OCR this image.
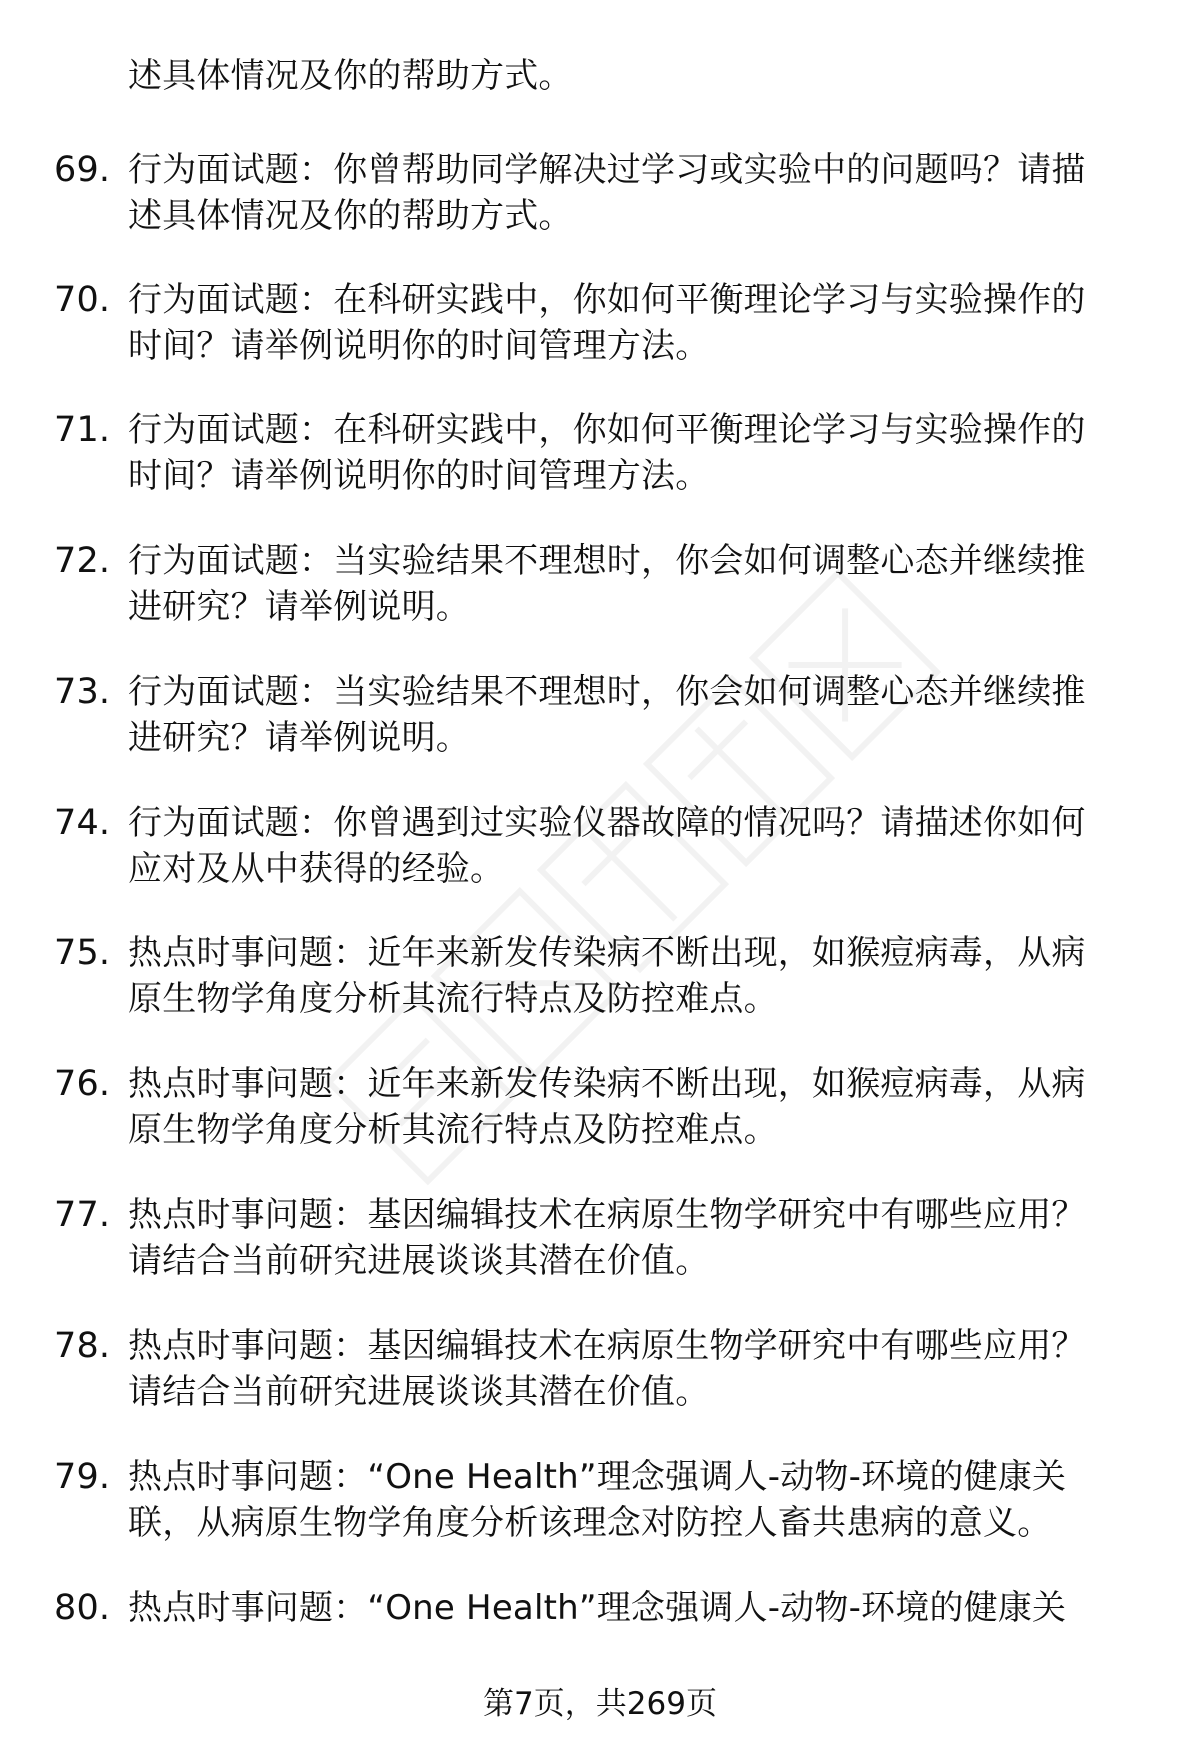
述具体情况及你的帮助方式。
69. 行为面试题：你曾帮助同学解决过学习或实验中的问题吗？请描
述具体情况及你的帮助方式。
70. 行为面试题：在科研实践中，你如何平衡理论学习与实验操作的
时间？请举例说明你的时间管理方法。
71. 行为面试题：在科研实践中，你如何平衡理论学习与实验操作的
时间？请举例说明你的时间管理方法。
72. 行为面试题：当实验结果不理想时，你会如何调整心态并继续推
进研究？请举例说明。
73. 行为面试题：当实验结果不理想时，你会如何调整心态并继续推
进研究？请举例说明。
74. 行为面试题：你曾遇到过实验仪器故障的情况吗？请描述你如何
应对及从中获得的经验。
75. 热点时事问题：近年来新发传染病不断出现，如猴痘病毒，从病
原生物学角度分析其流行特点及防控难点。
76. 热点时事问题：近年来新发传染病不断出现，如猴痘病毒，从病
原生物学角度分析其流行特点及防控难点。
77. 热点时事问题：基因编辑技术在病原生物学研究中有哪些应用？
请结合当前研究进展谈谈其潜在价值。
78. 热点时事问题：基因编辑技术在病原生物学研究中有哪些应用？
请结合当前研究进展谈谈其潜在价值。
79. 热点时事问题：“One Health”理念强调人-动物-环境的健康关
联，从病原生物学角度分析该理念对防控人畜共患病的意义。
80. 热点时事问题：“One Health”理念强调人-动物-环境的健康关
第7页，共269页
